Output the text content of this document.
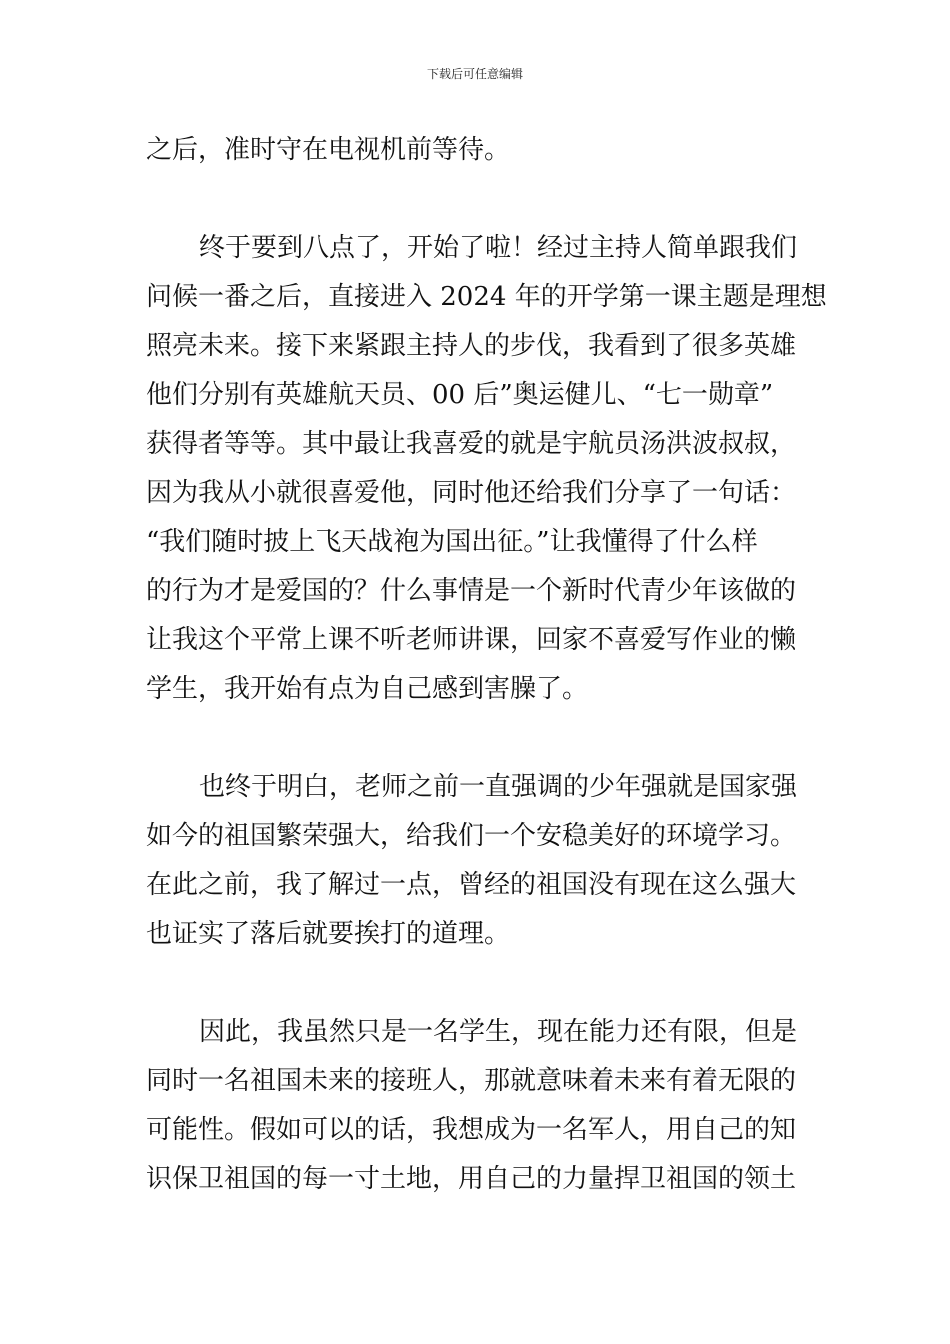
下载后可任意编辑
之后，准时守在电视机前等待。
终于要到八点了，开始了啦！经过主持人简单跟我们
问候一番之后，直接进入 2024 年的开学第一课主题是理想
照亮未来。接下来紧跟主持人的步伐，我看到了很多英雄
他们分别有英雄航天员、00 后”奥运健儿、“七一勋章”
获得者等等。其中最让我喜爱的就是宇航员汤洪波叔叔，
因为我从小就很喜爱他，同时他还给我们分享了一句话：
“我们随时披上飞天战袍为国出征。”让我懂得了什么样
的行为才是爱国的？什么事情是一个新时代青少年该做的
让我这个平常上课不听老师讲课，回家不喜爱写作业的懒
学生，我开始有点为自己感到害臊了。
也终于明白，老师之前一直强调的少年强就是国家强
如今的祖国繁荣强大，给我们一个安稳美好的环境学习。
在此之前，我了解过一点，曾经的祖国没有现在这么强大
也证实了落后就要挨打的道理。
因此，我虽然只是一名学生，现在能力还有限，但是
同时一名祖国未来的接班人，那就意味着未来有着无限的
可能性。假如可以的话，我想成为一名军人，用自己的知
识保卫祖国的每一寸土地，用自己的力量捍卫祖国的领土
